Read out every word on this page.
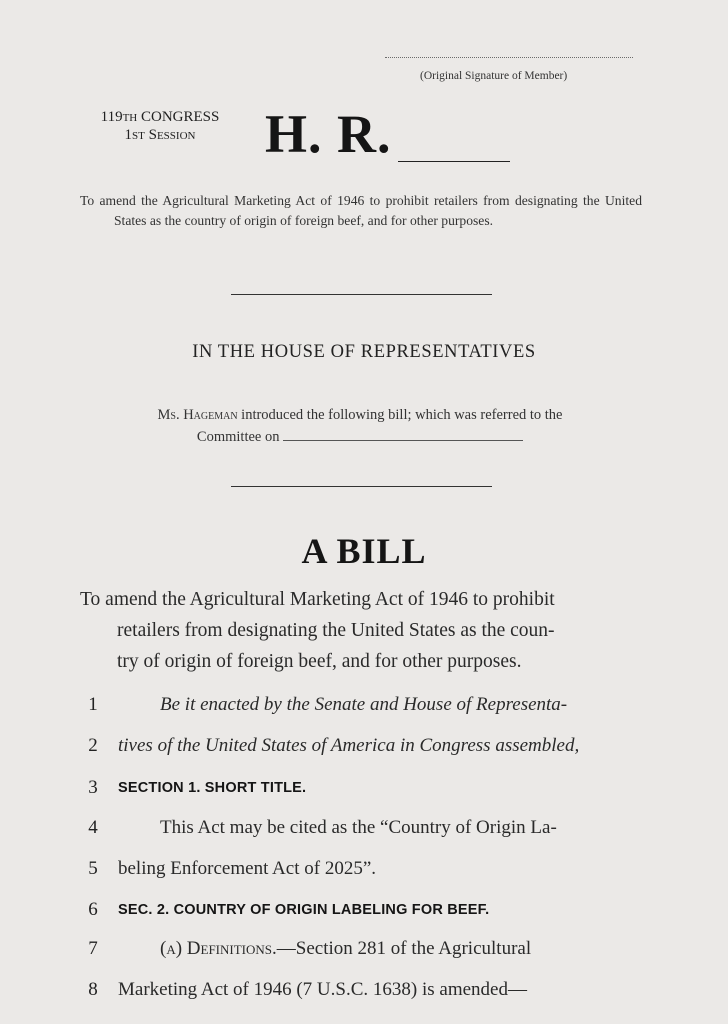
(Original Signature of Member)
119th CONGRESS
1st Session	H. R.
To amend the Agricultural Marketing Act of 1946 to prohibit retailers from designating the United States as the country of origin of foreign beef, and for other purposes.
IN THE HOUSE OF REPRESENTATIVES
Ms. Hageman introduced the following bill; which was referred to the
Committee on
A BILL
To amend the Agricultural Marketing Act of 1946 to prohibit
retailers from designating the United States as the coun-
try of origin of foreign beef, and for other purposes.
1	Be it enacted by the Senate and House of Representa-
2	tives of the United States of America in Congress assembled,
3	SECTION 1. SHORT TITLE.
4	This Act may be cited as the “Country of Origin La-
5	beling Enforcement Act of 2025”.
6	SEC. 2. COUNTRY OF ORIGIN LABELING FOR BEEF.
7	(a) Definitions.—Section 281 of the Agricultural
8	Marketing Act of 1946 (7 U.S.C. 1638) is amended—
